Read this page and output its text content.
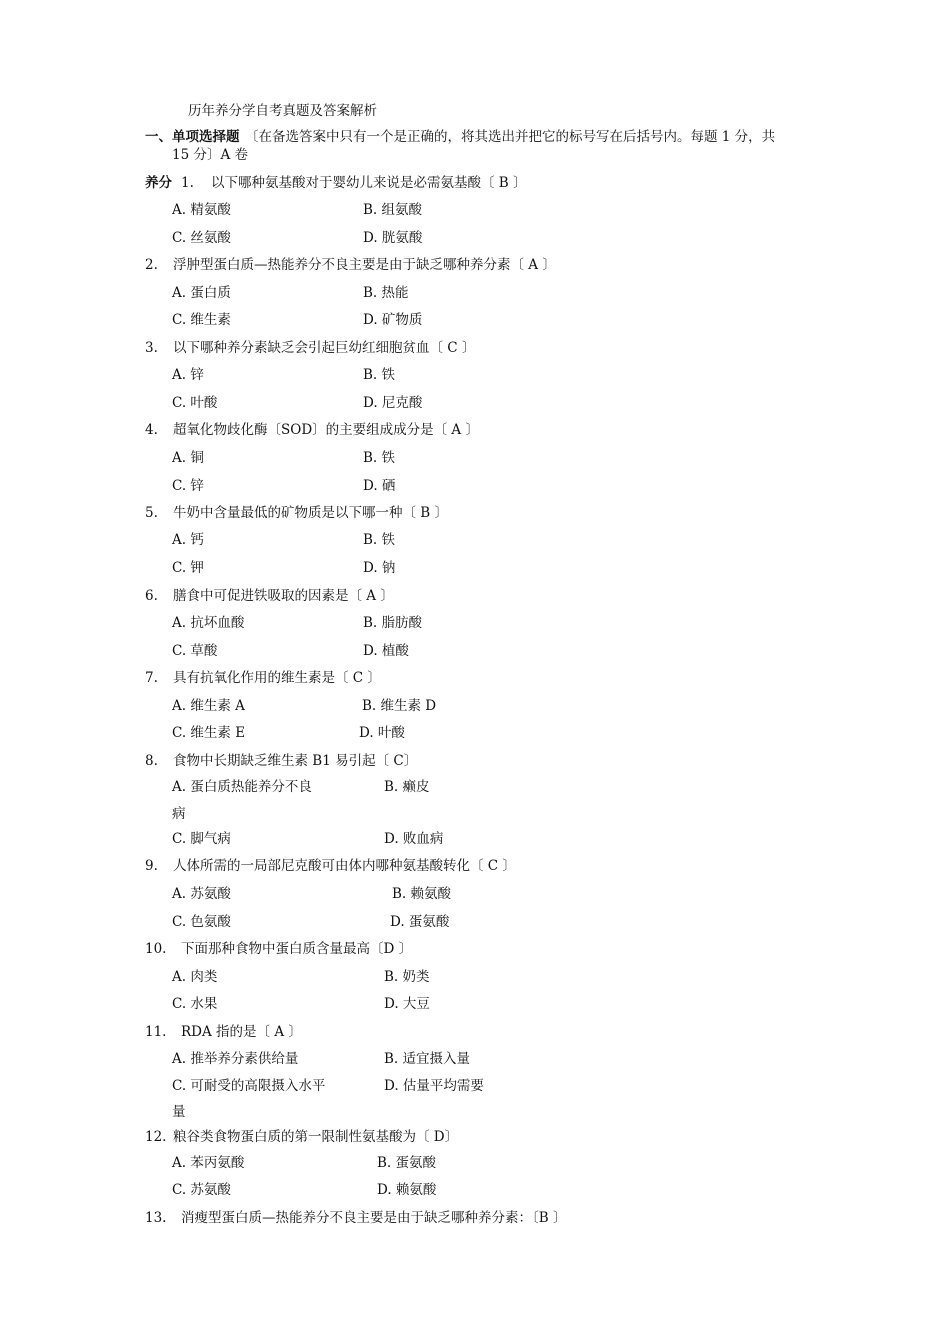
历年养分学自考真题及答案解析
一、单项选择题 〔在备选答案中只有一个是正确的，将其选出并把它的标号写在后括号内。每题 1 分，共
15 分〕A 卷
养分 1. 以下哪种氨基酸对于婴幼儿来说是必需氨基酸〔 B 〕
A. 精氨酸	B. 组氨酸
C. 丝氨酸	D. 胱氨酸
2. 浮肿型蛋白质—热能养分不良主要是由于缺乏哪种养分素〔 A 〕
A. 蛋白质	B. 热能
C. 维生素	D. 矿物质
3. 以下哪种养分素缺乏会引起巨幼红细胞贫血〔 C 〕
A. 锌	B. 铁
C. 叶酸	D. 尼克酸
4. 超氧化物歧化酶〔SOD〕的主要组成成分是〔 A 〕
A. 铜	B. 铁
C. 锌	D. 硒
5. 牛奶中含量最低的矿物质是以下哪一种〔 B 〕
A. 钙	B. 铁
C. 钾	D. 钠
6. 膳食中可促进铁吸取的因素是〔 A 〕
A. 抗坏血酸	B. 脂肪酸
C. 草酸	D. 植酸
7. 具有抗氧化作用的维生素是〔 C 〕
A. 维生素 A	B. 维生素 D
C. 维生素 E	D. 叶酸
8. 食物中长期缺乏维生素 B1 易引起〔 C〕
A. 蛋白质热能养分不良	B. 癞皮
病
C. 脚气病	D. 败血病
9. 人体所需的一局部尼克酸可由体内哪种氨基酸转化〔 C 〕
A. 苏氨酸	B. 赖氨酸
C. 色氨酸	D. 蛋氨酸
10. 下面那种食物中蛋白质含量最高〔D 〕
A. 肉类	B. 奶类
C. 水果	D. 大豆
11. RDA 指的是〔 A 〕
A. 推举养分素供给量	B. 适宜摄入量
C. 可耐受的高限摄入水平	D. 估量平均需要
量
12. 粮谷类食物蛋白质的第一限制性氨基酸为〔 D〕
A. 苯丙氨酸	B. 蛋氨酸
C. 苏氨酸	D. 赖氨酸
13. 消瘦型蛋白质—热能养分不良主要是由于缺乏哪种养分素：〔B 〕
